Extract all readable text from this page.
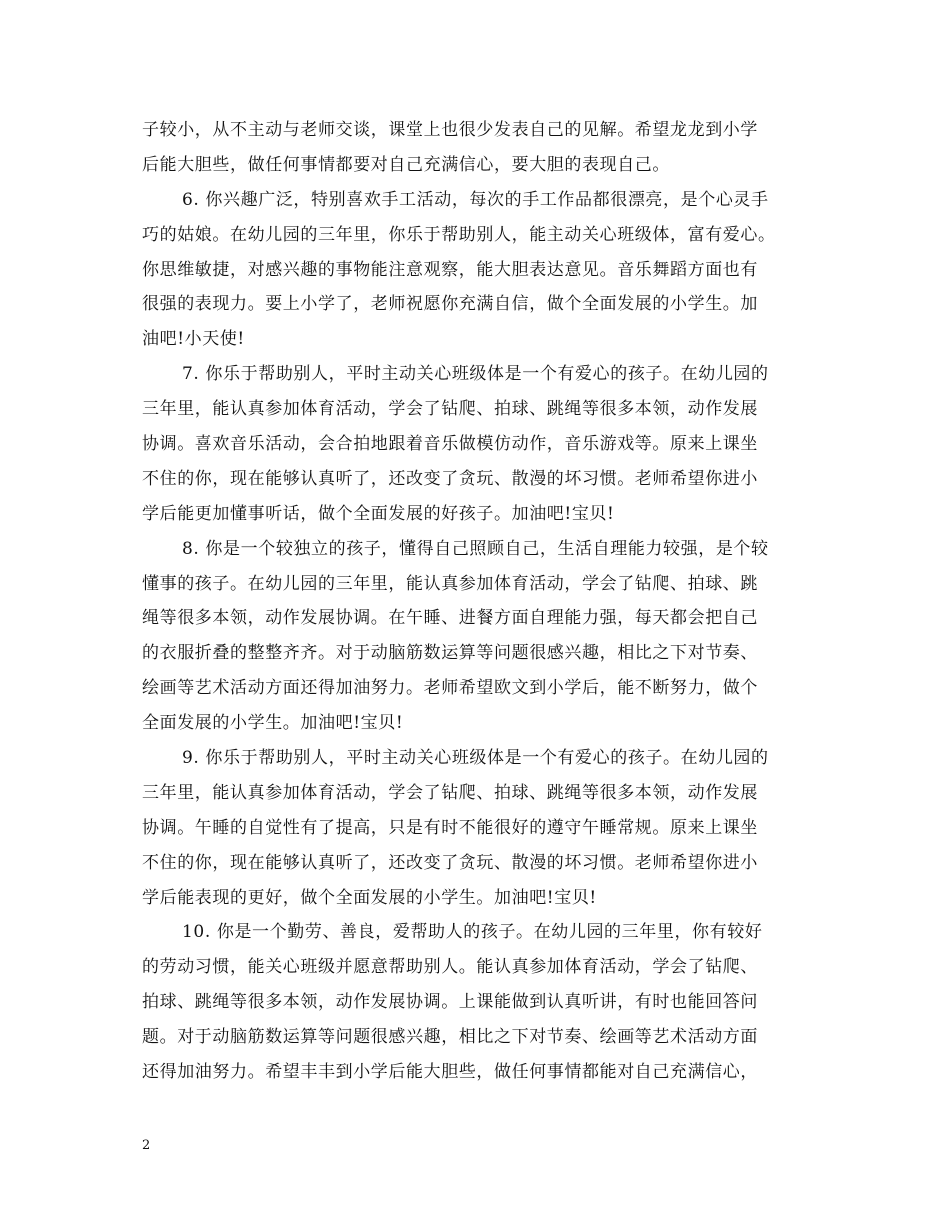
子较小，从不主动与老师交谈，课堂上也很少发表自己的见解。希望龙龙到小学
后能大胆些，做任何事情都要对自己充满信心，要大胆的表现自己。
6. 你兴趣广泛，特别喜欢手工活动，每次的手工作品都很漂亮，是个心灵手
巧的姑娘。在幼儿园的三年里，你乐于帮助别人，能主动关心班级体，富有爱心。
你思维敏捷，对感兴趣的事物能注意观察，能大胆表达意见。音乐舞蹈方面也有
很强的表现力。要上小学了，老师祝愿你充满自信，做个全面发展的小学生。加
油吧!小天使!
7. 你乐于帮助别人，平时主动关心班级体是一个有爱心的孩子。在幼儿园的
三年里，能认真参加体育活动，学会了钻爬、拍球、跳绳等很多本领，动作发展
协调。喜欢音乐活动，会合拍地跟着音乐做模仿动作，音乐游戏等。原来上课坐
不住的你，现在能够认真听了，还改变了贪玩、散漫的坏习惯。老师希望你进小
学后能更加懂事听话，做个全面发展的好孩子。加油吧!宝贝!
8. 你是一个较独立的孩子，懂得自己照顾自己，生活自理能力较强，是个较
懂事的孩子。在幼儿园的三年里，能认真参加体育活动，学会了钻爬、拍球、跳
绳等很多本领，动作发展协调。在午睡、进餐方面自理能力强，每天都会把自己
的衣服折叠的整整齐齐。对于动脑筋数运算等问题很感兴趣，相比之下对节奏、
绘画等艺术活动方面还得加油努力。老师希望欧文到小学后，能不断努力，做个
全面发展的小学生。加油吧!宝贝!
9. 你乐于帮助别人，平时主动关心班级体是一个有爱心的孩子。在幼儿园的
三年里，能认真参加体育活动，学会了钻爬、拍球、跳绳等很多本领，动作发展
协调。午睡的自觉性有了提高，只是有时不能很好的遵守午睡常规。原来上课坐
不住的你，现在能够认真听了，还改变了贪玩、散漫的坏习惯。老师希望你进小
学后能表现的更好，做个全面发展的小学生。加油吧!宝贝!
10. 你是一个勤劳、善良，爱帮助人的孩子。在幼儿园的三年里，你有较好
的劳动习惯，能关心班级并愿意帮助别人。能认真参加体育活动，学会了钻爬、
拍球、跳绳等很多本领，动作发展协调。上课能做到认真听讲，有时也能回答问
题。对于动脑筋数运算等问题很感兴趣，相比之下对节奏、绘画等艺术活动方面
还得加油努力。希望丰丰到小学后能大胆些，做任何事情都能对自己充满信心，
2
